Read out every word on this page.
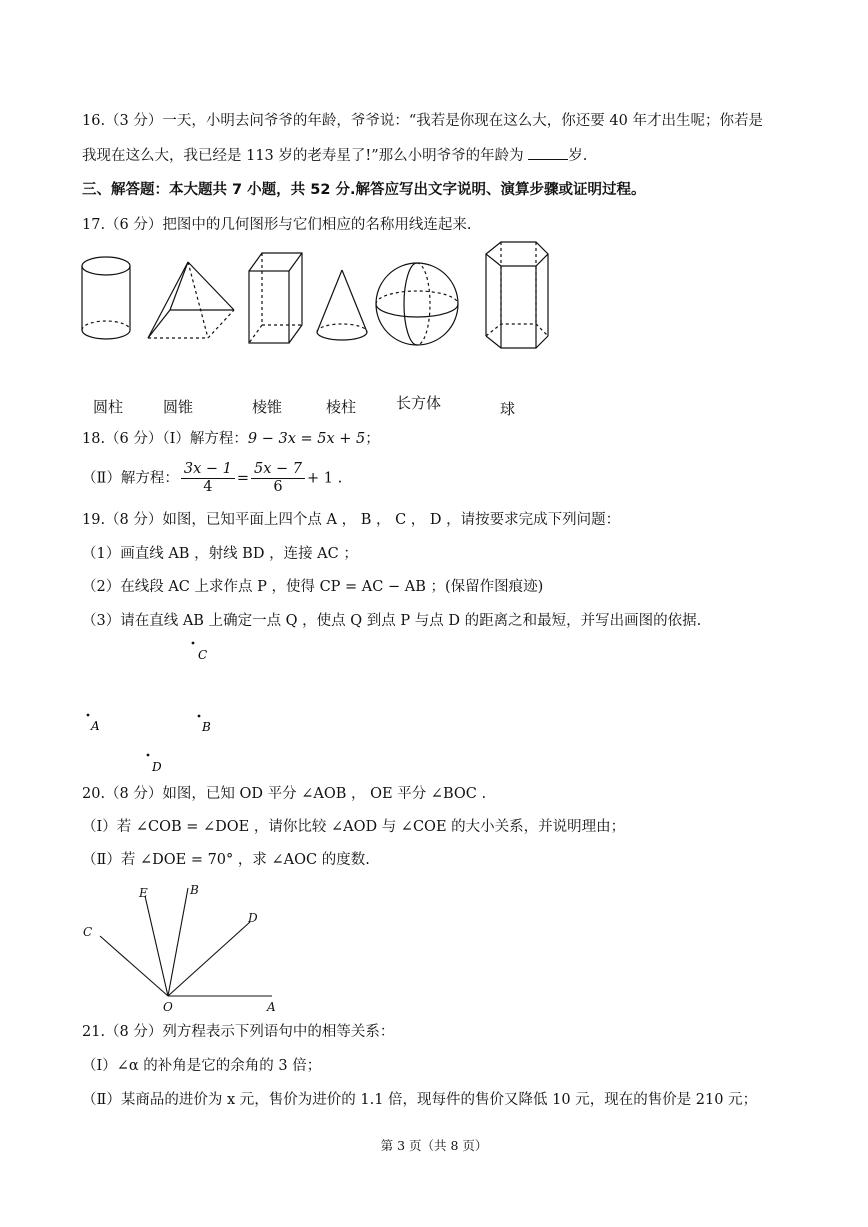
16.（3 分）一天，小明去问爷爷的年龄，爷爷说：“我若是你现在这么大，你还要 40 年才出生呢；你若是
我现在这么大，我已经是 113 岁的老寿星了!”那么小明爷爷的年龄为	岁.
三、解答题：本大题共 7 小题，共 52 分.解答应写出文字说明、演算步骤或证明过程。
17.（6 分）把图中的几何图形与它们相应的名称用线连起来.
圆柱	圆锥	棱锥	棱柱	长方体	球
18.（6 分）（Ⅰ）解方程：9 − 3x = 5x + 5；
（Ⅱ）解方程： $\frac{3x - 1}{4} = \frac{5x - 7}{6} + 1$ .
19.（8 分）如图，已知平面上四个点 A ， B ， C ， D ，请按要求完成下列问题：
（1）画直线 AB ，射线 BD ，连接 AC ；
（2）在线段 AC 上求作点 P ，使得 CP = AC − AB ；(保留作图痕迹)
（3）请在直线 AB 上确定一点 Q ，使点 Q 到点 P 与点 D 的距离之和最短，并写出画图的依据.
C
A	B
D
20.（8 分）如图，已知 OD 平分 ∠AOB ， OE 平分 ∠BOC .
（Ⅰ）若 ∠COB = ∠DOE ，请你比较 ∠AOD 与 ∠COE 的大小关系，并说明理由；
（Ⅱ）若 ∠DOE = 70° ，求 ∠AOC 的度数.
E	B
D
C
O	A
21.（8 分）列方程表示下列语句中的相等关系：
（Ⅰ）∠α 的补角是它的余角的 3 倍；
（Ⅱ）某商品的进价为 x 元，售价为进价的 1.1 倍，现每件的售价又降低 10 元，现在的售价是 210 元；
第 3 页（共 8 页）
